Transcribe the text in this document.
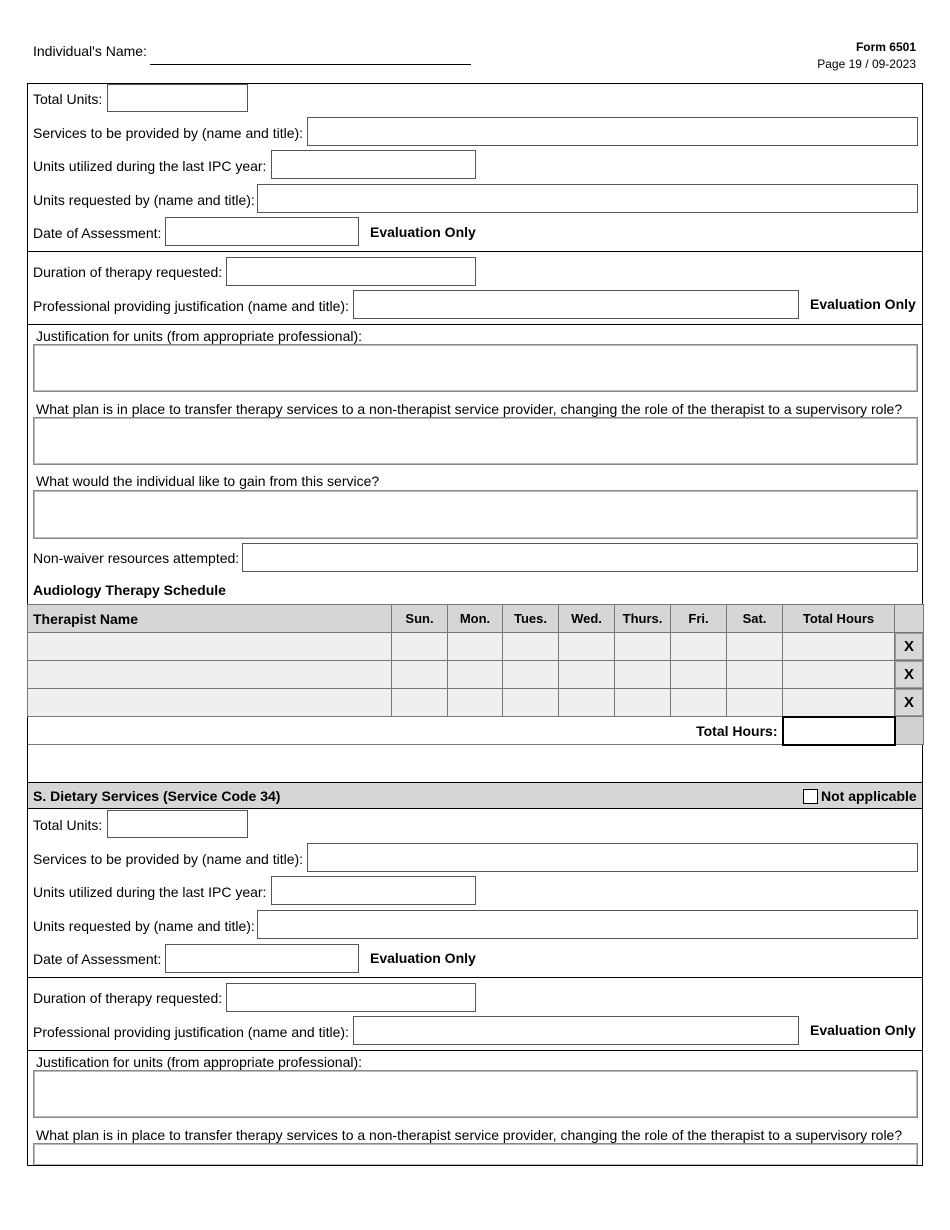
Individual's Name:	Form 6501
Page 19 / 09-2023
Total Units:
Services to be provided by (name and title):
Units utilized during the last IPC year:
Units requested by (name and title):
Date of Assessment:	Evaluation Only
Duration of therapy requested:
Professional providing justification (name and title):	Evaluation Only
Justification for units (from appropriate professional):
What plan is in place to transfer therapy services to a non-therapist service provider, changing the role of the therapist to a supervisory role?
What would the individual like to gain from this service?
Non-waiver resources attempted:
Audiology Therapy Schedule
Therapist Name	Sun.	Mon.	Tues.	Wed.	Thurs.	Fri.	Sat.	Total Hours	

									X

									X

									X

Total Hours:									
S. Dietary Services (Service Code 34)	Not applicable
Total Units:
Services to be provided by (name and title):
Units utilized during the last IPC year:
Units requested by (name and title):
Date of Assessment:	Evaluation Only
Duration of therapy requested:
Professional providing justification (name and title):	Evaluation Only
Justification for units (from appropriate professional):
What plan is in place to transfer therapy services to a non-therapist service provider, changing the role of the therapist to a supervisory role?
